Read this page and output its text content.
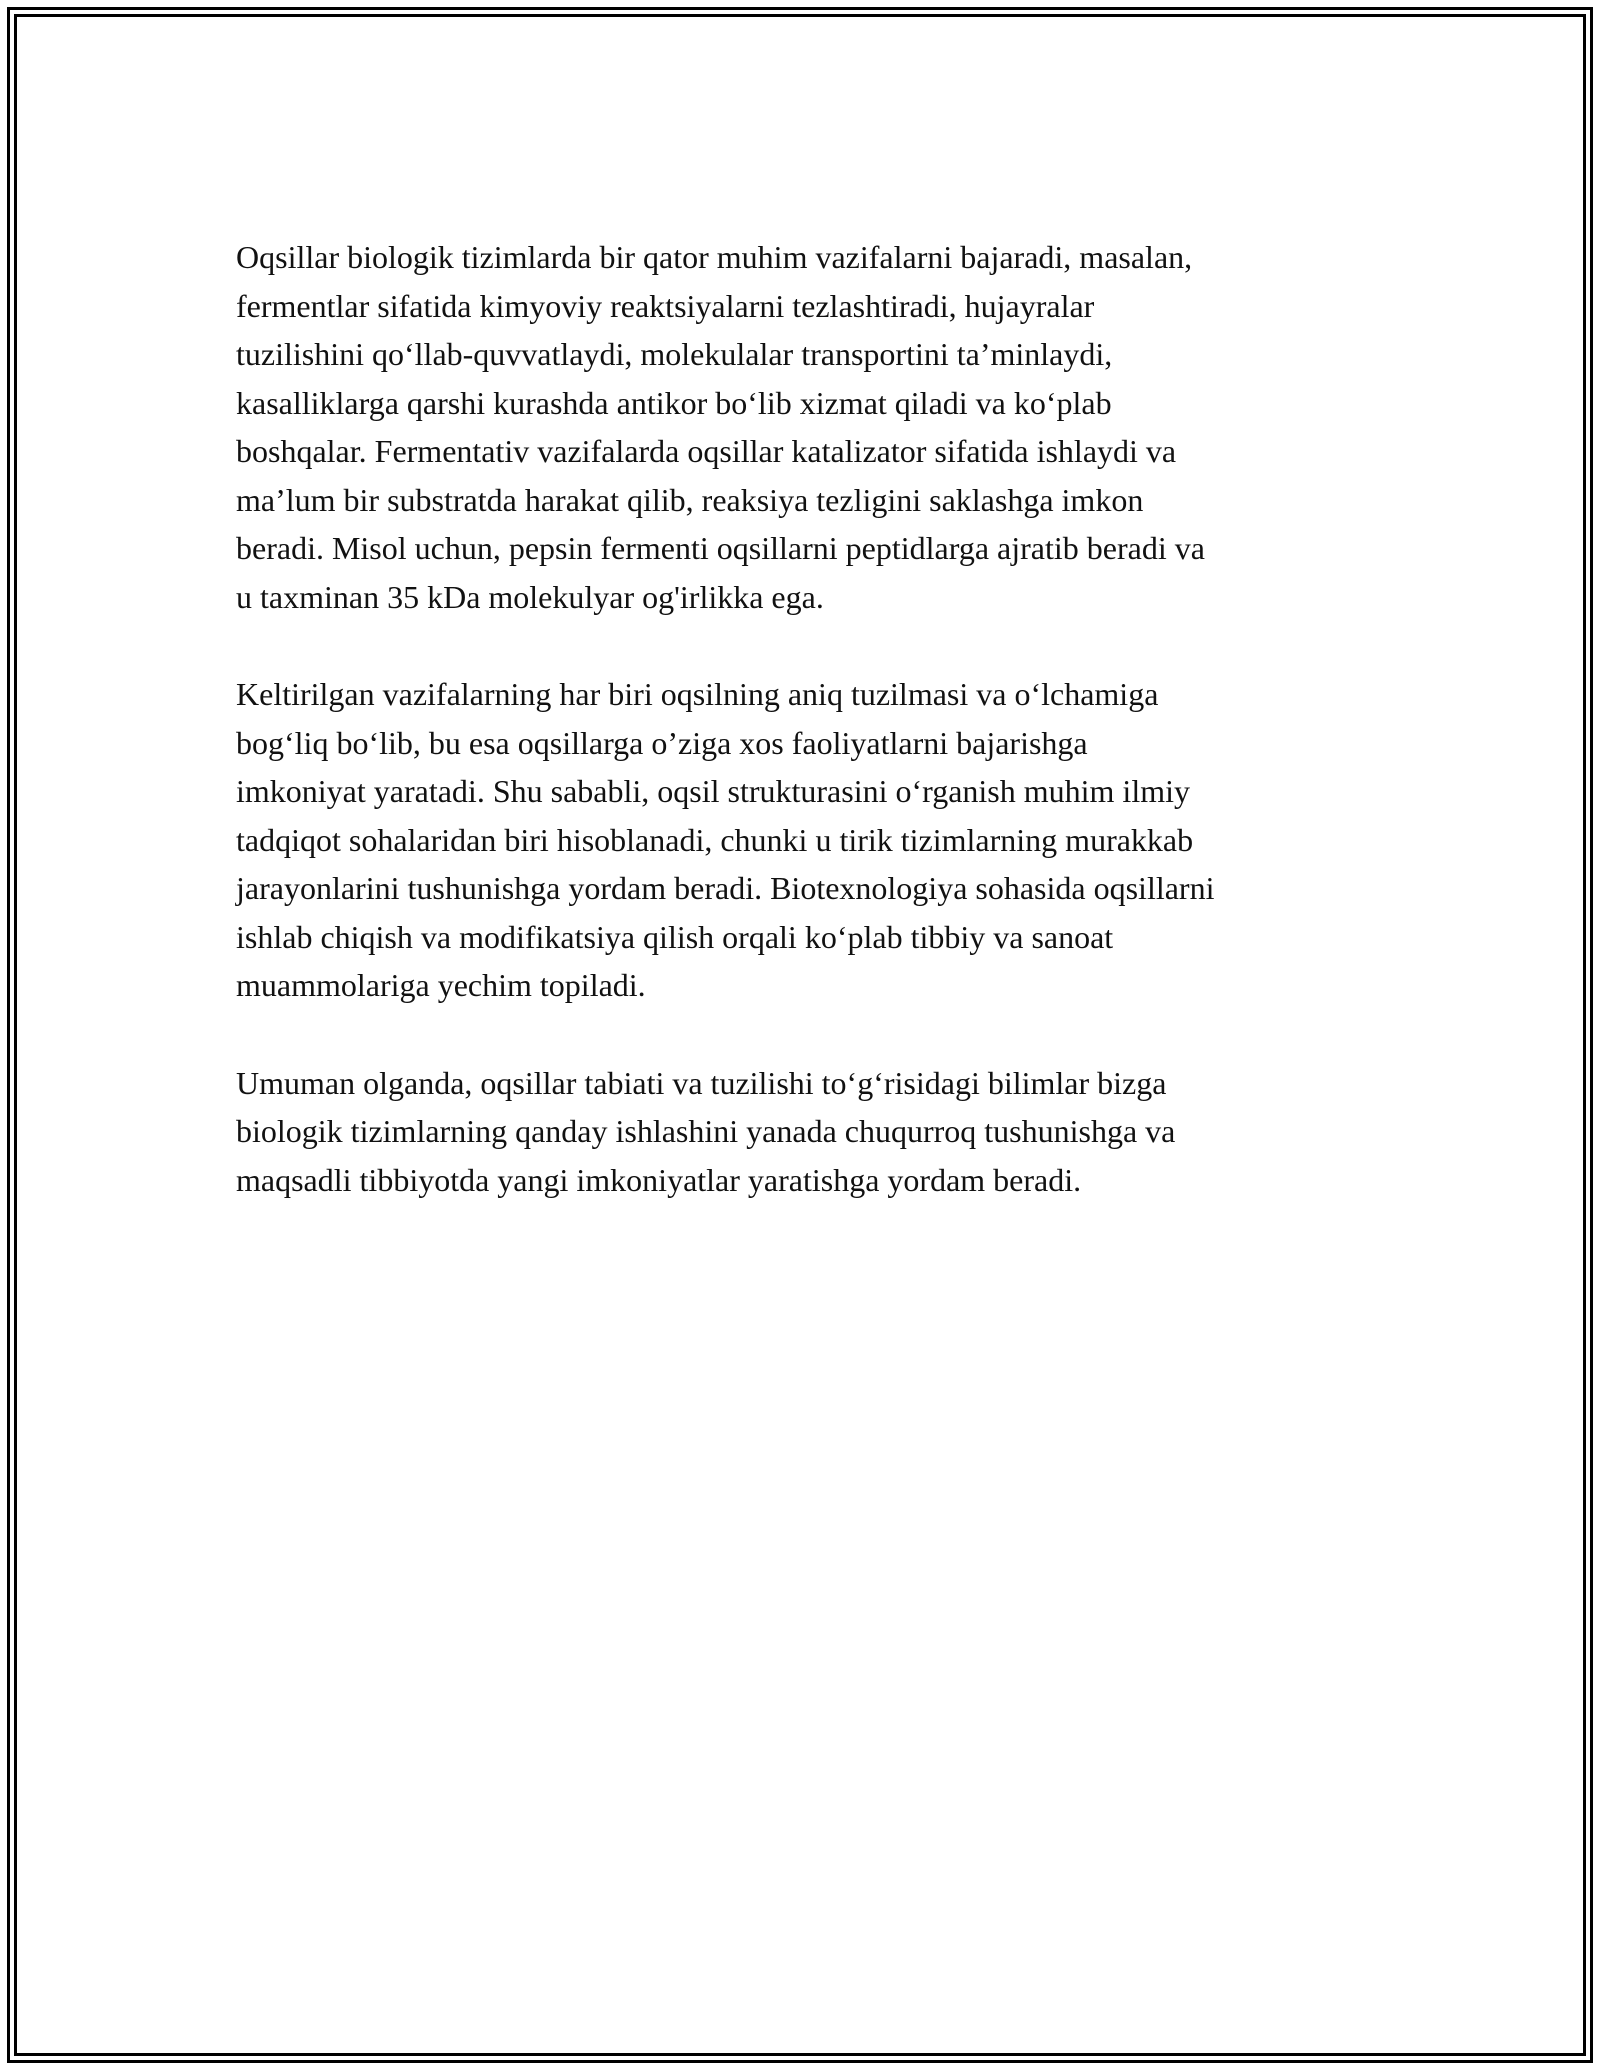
Oqsillar biologik tizimlarda bir qator muhim vazifalarni bajaradi, masalan,
fermentlar sifatida kimyoviy reaktsiyalarni tezlashtiradi, hujayralar
tuzilishini qo‘llab-quvvatlaydi, molekulalar transportini ta’minlaydi,
kasalliklarga qarshi kurashda antikor bo‘lib xizmat qiladi va ko‘plab
boshqalar. Fermentativ vazifalarda oqsillar katalizator sifatida ishlaydi va
ma’lum bir substratda harakat qilib, reaksiya tezligini saklashga imkon
beradi. Misol uchun, pepsin fermenti oqsillarni peptidlarga ajratib beradi va
u taxminan 35 kDa molekulyar og'irlikka ega.

Keltirilgan vazifalarning har biri oqsilning aniq tuzilmasi va o‘lchamiga
bog‘liq bo‘lib, bu esa oqsillarga o’ziga xos faoliyatlarni bajarishga
imkoniyat yaratadi. Shu sababli, oqsil strukturasini o‘rganish muhim ilmiy
tadqiqot sohalaridan biri hisoblanadi, chunki u tirik tizimlarning murakkab
jarayonlarini tushunishga yordam beradi. Biotexnologiya sohasida oqsillarni
ishlab chiqish va modifikatsiya qilish orqali ko‘plab tibbiy va sanoat
muammolariga yechim topiladi.

Umuman olganda, oqsillar tabiati va tuzilishi to‘g‘risidagi bilimlar bizga
biologik tizimlarning qanday ishlashini yanada chuqurroq tushunishga va
maqsadli tibbiyotda yangi imkoniyatlar yaratishga yordam beradi.
